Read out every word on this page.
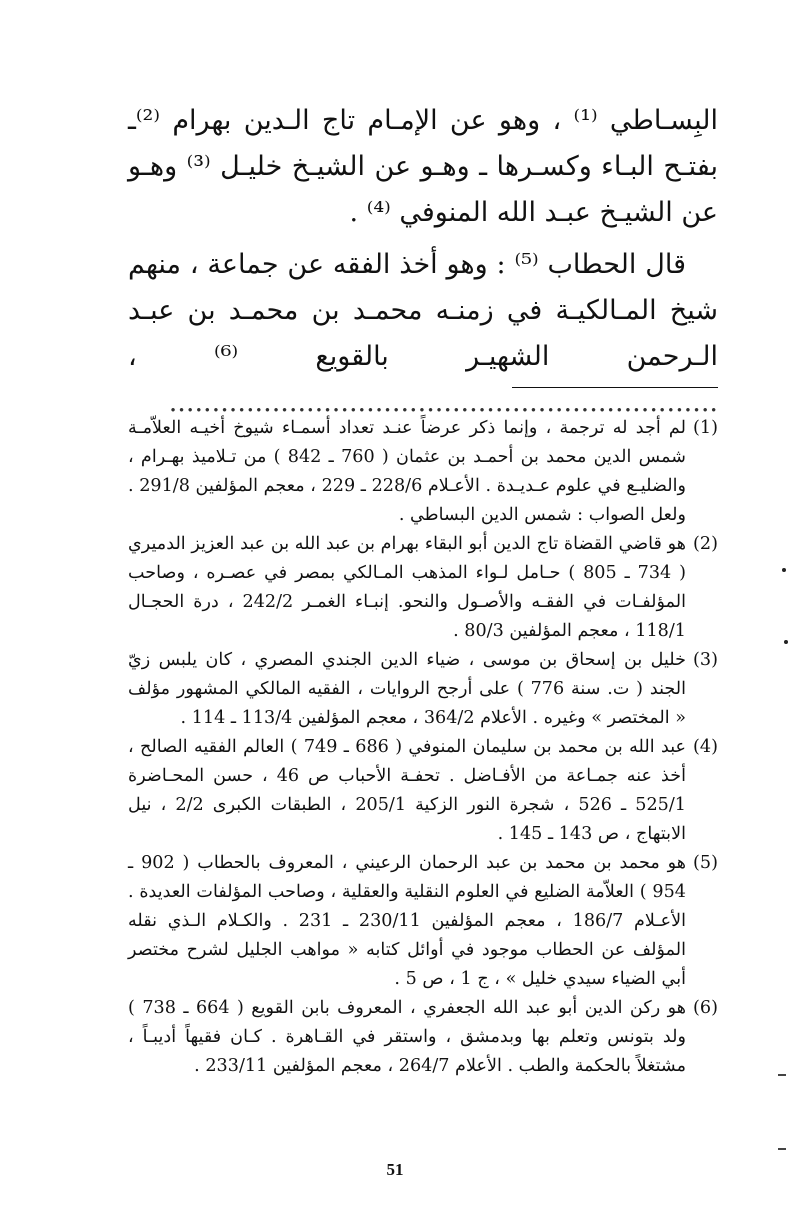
البِسـاطي ⁽¹⁾ ، وهو عن الإمـام تاج الـدين بهرام ⁽²⁾ـ بفتـح البـاء وكسـرها ـ وهـو عن الشيـخ خليـل ⁽³⁾ وهـو عن الشيـخ عبـد الله المنوفي ⁽⁴⁾ .

قال الحطاب ⁽⁵⁾ : وهو أخذ الفقه عن جماعة ، منهم شيخ المـالكيـة في زمنـه محمـد بن محمـد بن عبـد الـرحمن الشهيـر بالقويع ⁽⁶⁾ ، ................................................................

(1)
لم أجد له ترجمة ، وإنما ذكر عرضاً عنـد تعداد أسمـاء شيوخ أخيـه العلاّمـة شمس الدين محمد بن أحمـد بن عثمان ( 760 ـ 842 ) من تـلاميذ بهـرام ، والضليـع في علوم عـديـدة . الأعـلام 228/6 ـ 229 ، معجم المؤلفين 291/8 . ولعل الصواب : شمس الدين البساطي .
(2)
هو قاضي القضاة تاج الدين أبو البقاء بهرام بن عبد الله بن عبد العزيز الدميري ( 734 ـ 805 ) حـامل لـواء المذهب المـالكي بمصر في عصـره ، وصاحب المؤلفـات في الفقـه والأصـول والنحو. إنبـاء الغمـر 242/2 ، درة الحجـال 118/1 ، معجم المؤلفين 80/3 .
(3)
خليل بن إسحاق بن موسى ، ضياء الدين الجندي المصري ، كان يلبس زيّ الجند ( ت. سنة 776 ) على أرجح الروايات ، الفقيه المالكي المشهور مؤلف « المختصر » وغيره . الأعلام 364/2 ، معجم المؤلفين 113/4 ـ 114 .
(4)
عبد الله بن محمد بن سليمان المنوفي ( 686 ـ 749 ) العالم الفقيه الصالح ، أخذ عنه جمـاعة من الأفـاضل . تحفـة الأحباب ص 46 ، حسن المحـاضرة 525/1 ـ 526 ، شجرة النور الزكية 205/1 ، الطبقات الكبرى 2/2 ، نيل الابتهاج ، ص 143 ـ 145 .
(5)
هو محمد بن محمد بن عبد الرحمان الرعيني ، المعروف بالحطاب ( 902 ـ 954 ) العلاّمة الضليع في العلوم النقلية والعقلية ، وصاحب المؤلفات العديدة . الأعـلام 186/7 ، معجم المؤلفين 230/11 ـ 231 . والكـلام الـذي نقله المؤلف عن الحطاب موجود في أوائل كتابه « مواهب الجليل لشرح مختصر أبي الضياء سيدي خليل » ، ج 1 ، ص 5 .
(6)
هو ركن الدين أبو عبد الله الجعفري ، المعروف بابن القويع ( 664 ـ 738 ) ولد بتونس وتعلم بها وبدمشق ، واستقر في القـاهرة . كـان فقيهاً أديبـاً ، مشتغلاً بالحكمة والطب . الأعلام 264/7 ، معجم المؤلفين 233/11 .
51
